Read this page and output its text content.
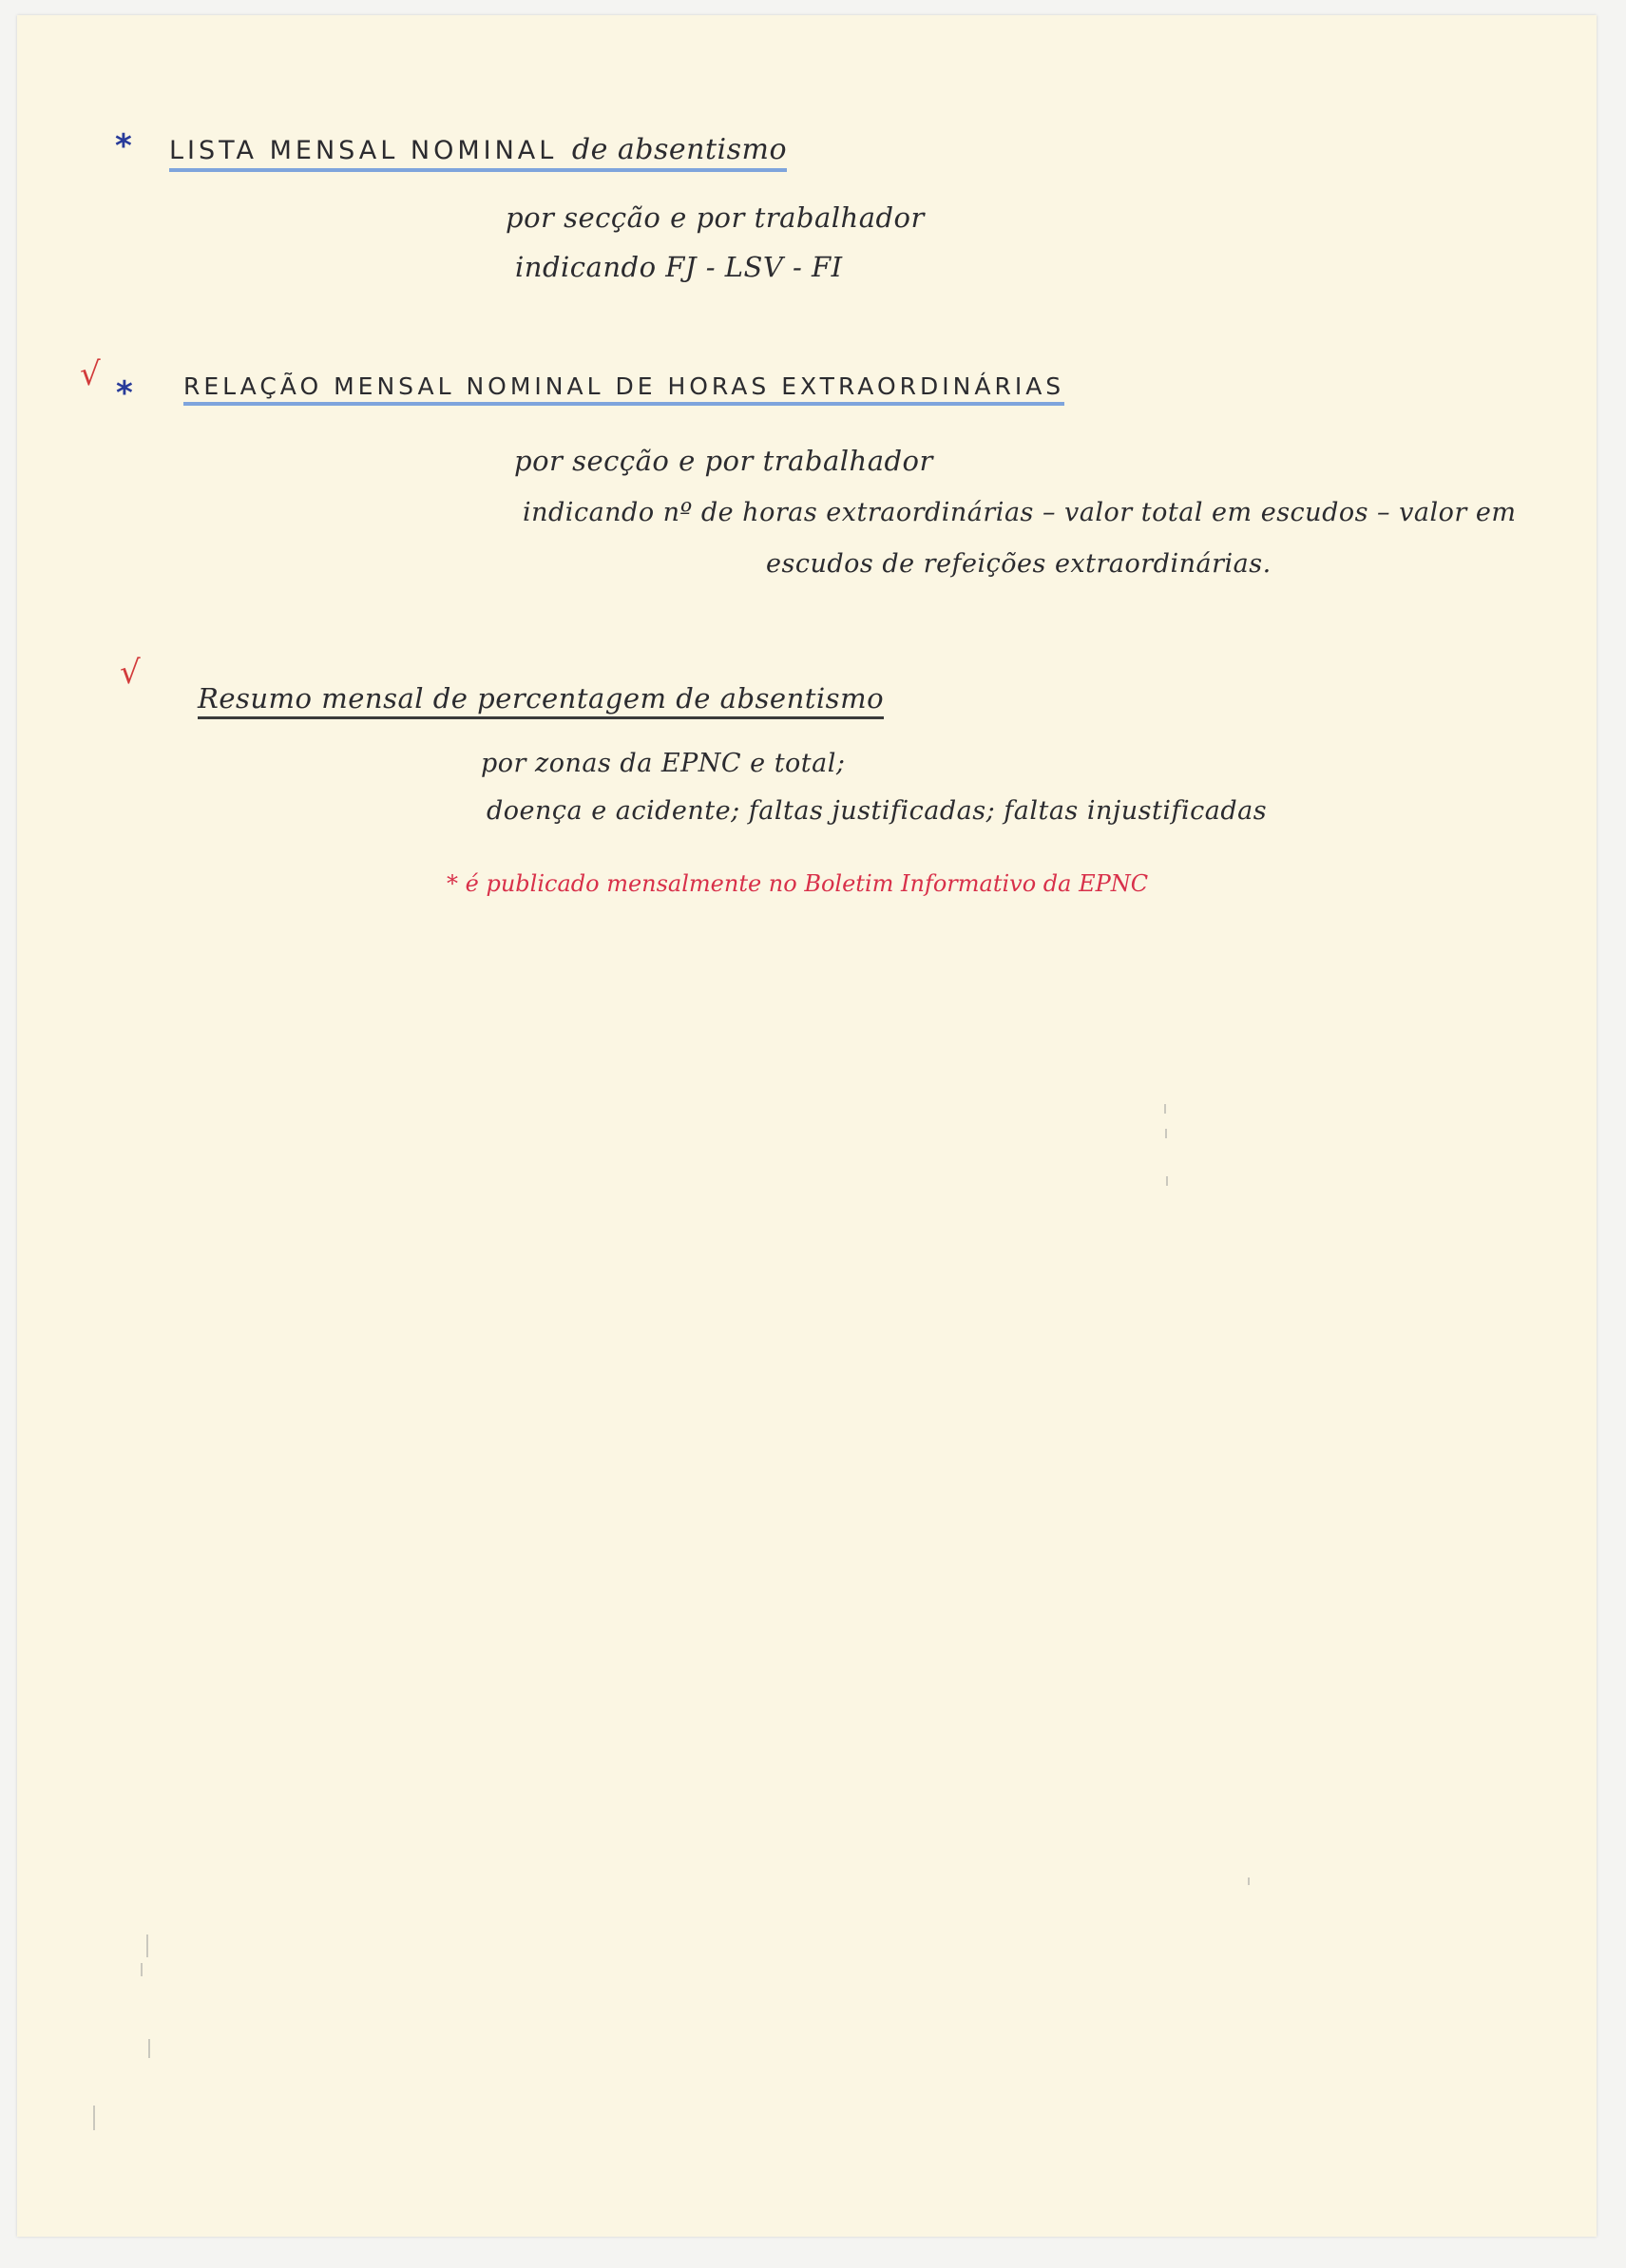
* LISTA MENSAL NOMINAL de absentismo
por secção e por trabalhador
indicando FJ - LSV - FI
√ * RELAÇÃO MENSAL NOMINAL DE HORAS EXTRAORDINÁRIAS
por secção e por trabalhador
indicando nº de horas extraordinárias – valor total em escudos – valor em
escudos de refeições extraordinárias.
√
Resumo mensal de percentagem de absentismo
por zonas da EPNC e total;
doença e acidente; faltas justificadas; faltas injustificadas
* é publicado mensalmente no Boletim Informativo da EPNC
